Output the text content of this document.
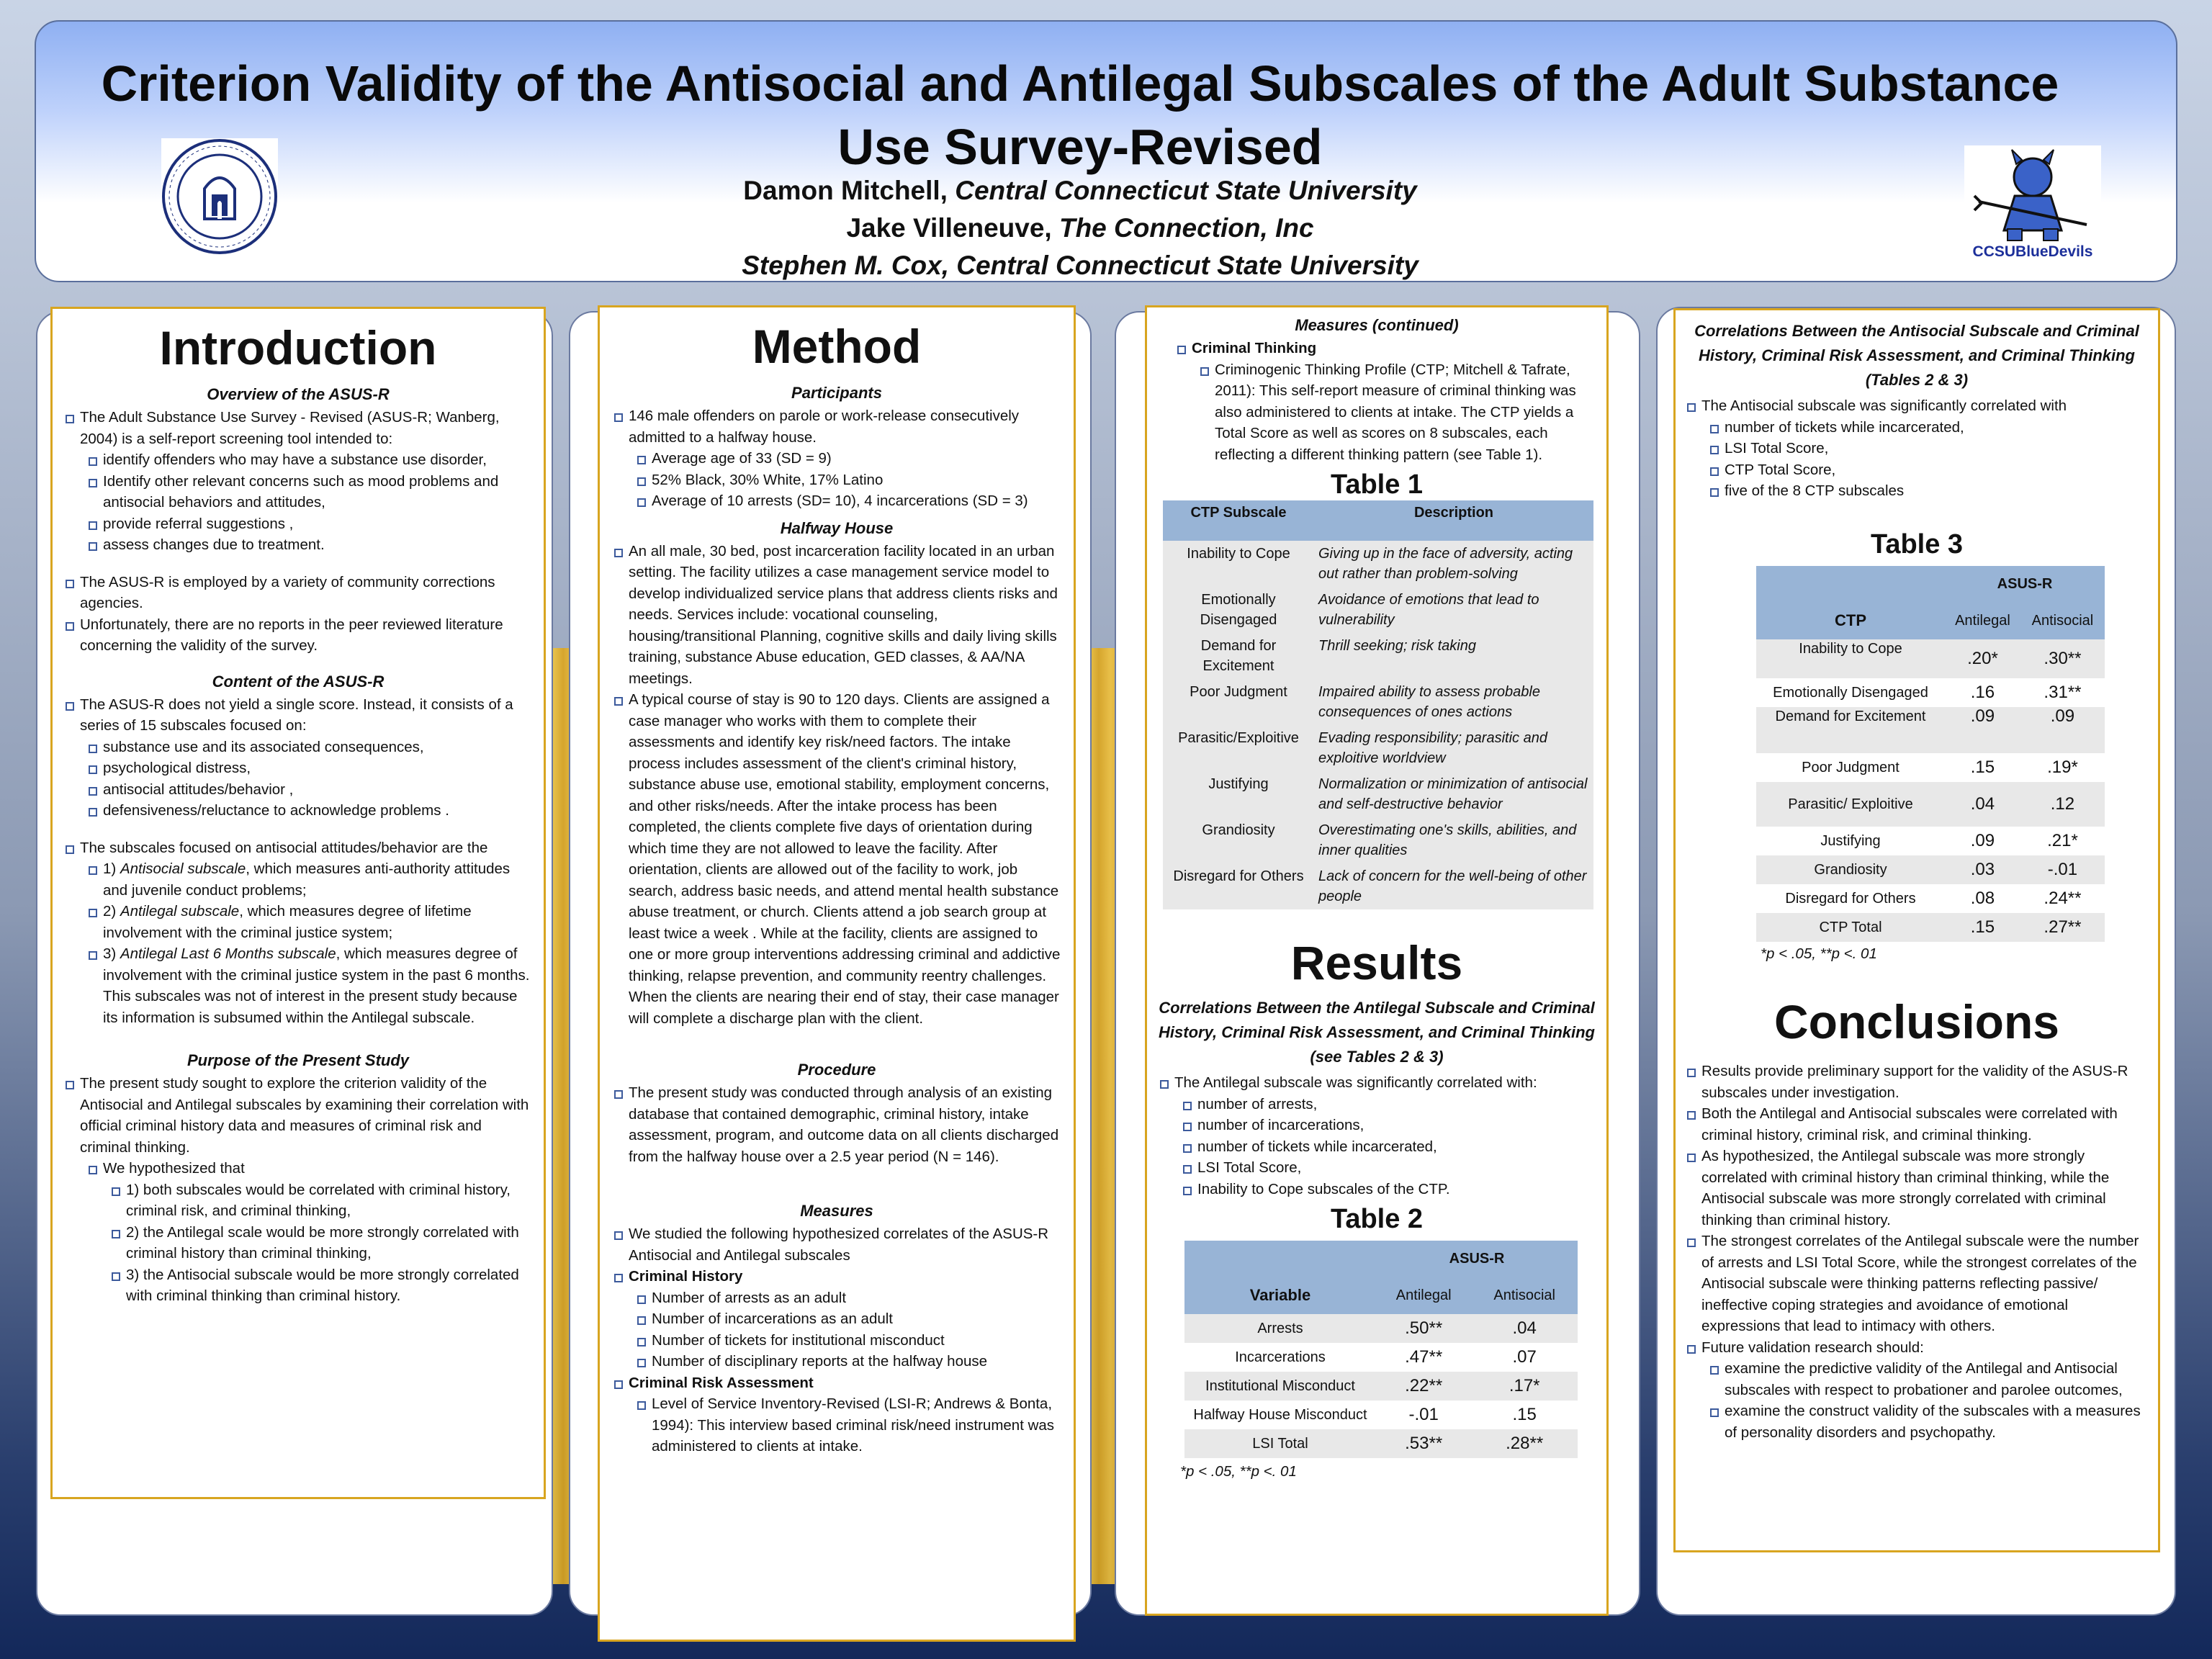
CCSUBlueDevils
Criterion Validity of the Antisocial and Antilegal Subscales of the Adult Substance Use Survey-Revised
Damon Mitchell, Central Connecticut State University
Jake Villeneuve, The Connection, Inc
Stephen M. Cox, Central Connecticut State University
Introduction
Overview of the ASUS-R
The Adult Substance Use Survey - Revised (ASUS-R; Wanberg, 2004) is a self-report screening tool intended to:
identify offenders who may have a substance use disorder,
Identify other relevant concerns such as mood problems and antisocial behaviors and attitudes,
provide referral suggestions ,
assess changes due to treatment.
The ASUS-R is employed by a variety of community corrections agencies.
Unfortunately, there are no reports in the peer reviewed literature concerning the validity of the survey.
Content of the ASUS-R
The ASUS-R does not yield a single score. Instead, it consists of a series of 15 subscales focused on:
substance use and its associated consequences,
psychological distress,
antisocial attitudes/behavior ,
defensiveness/reluctance to acknowledge problems .
The subscales focused on antisocial attitudes/behavior are the
1) Antisocial subscale, which measures anti-authority attitudes and juvenile conduct problems;
2) Antilegal subscale, which measures degree of lifetime involvement with the criminal justice system;
3) Antilegal Last 6 Months subscale, which measures degree of involvement with the criminal justice system in the past 6 months. This subscales was not of interest in the present study because its information is subsumed within the Antilegal subscale.
Purpose of the Present Study
The present study sought to explore the criterion validity of the Antisocial and Antilegal subscales by examining their correlation with official criminal history data and measures of criminal risk and criminal thinking.
We hypothesized that
1) both subscales would be correlated with criminal history, criminal risk, and criminal thinking,
2) the Antilegal scale would be more strongly correlated with criminal history than criminal thinking,
3) the Antisocial subscale would be more strongly correlated with criminal thinking than criminal history.
Method
Participants
146 male offenders on parole or work-release consecutively admitted to a halfway house.
Average age of 33 (SD = 9)
52% Black, 30% White, 17% Latino
Average of 10 arrests (SD= 10), 4 incarcerations (SD = 3)
Halfway House
An all male, 30 bed, post incarceration facility located in an urban setting. The facility utilizes a case management service model to develop individualized service plans that address clients risks and needs. Services include: vocational counseling, housing/transitional Planning, cognitive skills and daily living skills training, substance Abuse education, GED classes, & AA/NA meetings.
A typical course of stay is 90 to 120 days. Clients are assigned a case manager who works with them to complete their assessments and identify key risk/need factors. The intake process includes assessment of the client's criminal history, substance abuse use, emotional stability, employment concerns, and other risks/needs. After the intake process has been completed, the clients complete five days of orientation during which time they are not allowed to leave the facility. After orientation, clients are allowed out of the facility to work, job search, address basic needs, and attend mental health substance abuse treatment, or church. Clients attend a job search group at least twice a week . While at the facility, clients are assigned to one or more group interventions addressing criminal and addictive thinking, relapse prevention, and community reentry challenges. When the clients are nearing their end of stay, their case manager will complete a discharge plan with the client.
Procedure
The present study was conducted through analysis of an existing database that contained demographic, criminal history, intake assessment, program, and outcome data on all clients discharged from the halfway house over a 2.5 year period (N = 146).
Measures
We studied the following hypothesized correlates of the ASUS-R Antisocial and Antilegal subscales
Criminal History
Number of arrests as an adult
Number of incarcerations as an adult
Number of tickets for institutional misconduct
Number of disciplinary reports at the halfway house
Criminal Risk Assessment
Level of Service Inventory-Revised (LSI-R; Andrews & Bonta, 1994): This interview based criminal risk/need instrument was administered to clients at intake.
Measures (continued)
Criminal Thinking
Criminogenic Thinking Profile (CTP; Mitchell & Tafrate, 2011): This self-report measure of criminal thinking was also administered to clients at intake. The CTP yields a Total Score as well as scores on 8 subscales, each reflecting a different thinking pattern (see Table 1).
Table 1
CTP Subscale	Description
Inability to Cope	Giving up in the face of adversity, acting out rather than problem-solving
Emotionally Disengaged	Avoidance of emotions that lead to vulnerability
Demand for Excitement	Thrill seeking; risk taking
Poor Judgment	Impaired ability to assess probable consequences of ones actions
Parasitic/Exploitive	Evading responsibility; parasitic and exploitive worldview
Justifying	Normalization or minimization of antisocial and self-destructive behavior
Grandiosity	Overestimating one's skills, abilities, and inner qualities
Disregard for Others	Lack of concern for the well-being of other people
Results
Correlations Between the Antilegal Subscale and Criminal History, Criminal Risk Assessment, and Criminal Thinking (see Tables 2 & 3)
The Antilegal subscale was significantly correlated with:
number of arrests,
number of incarcerations,
number of tickets while incarcerated,
LSI Total Score,
Inability to Cope subscales of the CTP.
Table 2
	ASUS-R	
Variable	Antilegal	Antisocial
Arrests	.50**	.04
Incarcerations	.47**	.07
Institutional Misconduct	.22**	.17*
Halfway House Misconduct	-.01	.15
LSI Total	.53**	.28**
*p < .05, **p <. 01
Correlations Between the Antisocial Subscale and Criminal History, Criminal Risk Assessment, and Criminal Thinking (Tables 2 & 3)
The Antisocial subscale was significantly correlated with
number of tickets while incarcerated,
LSI Total Score,
CTP Total Score,
five of the 8 CTP subscales
Table 3
	ASUS-R	
CTP	Antilegal	Antisocial
Inability to Cope	.20*	.30**
Emotionally Disengaged	.16	.31**
Demand for Excitement	.09	.09
Poor Judgment	.15	.19*
Parasitic/ Exploitive	.04	.12
Justifying	.09	.21*
Grandiosity	.03	-.01
Disregard for Others	.08	.24**
CTP Total	.15	.27**
*p < .05, **p <. 01
Conclusions
Results provide preliminary support for the validity of the ASUS-R subscales under investigation.
Both the Antilegal and Antisocial subscales were correlated with criminal history, criminal risk, and criminal thinking.
As hypothesized, the Antilegal subscale was more strongly correlated with criminal history than criminal thinking, while the Antisocial subscale was more strongly correlated with criminal thinking than criminal history.
The strongest correlates of the Antilegal subscale were the number of arrests and LSI Total Score, while the strongest correlates of the Antisocial subscale were thinking patterns reflecting passive/ ineffective coping strategies and avoidance of emotional expressions that lead to intimacy with others.
Future validation research should:
examine the predictive validity of the Antilegal and Antisocial subscales with respect to probationer and parolee outcomes,
examine the construct validity of the subscales with a measures of personality disorders and psychopathy.
